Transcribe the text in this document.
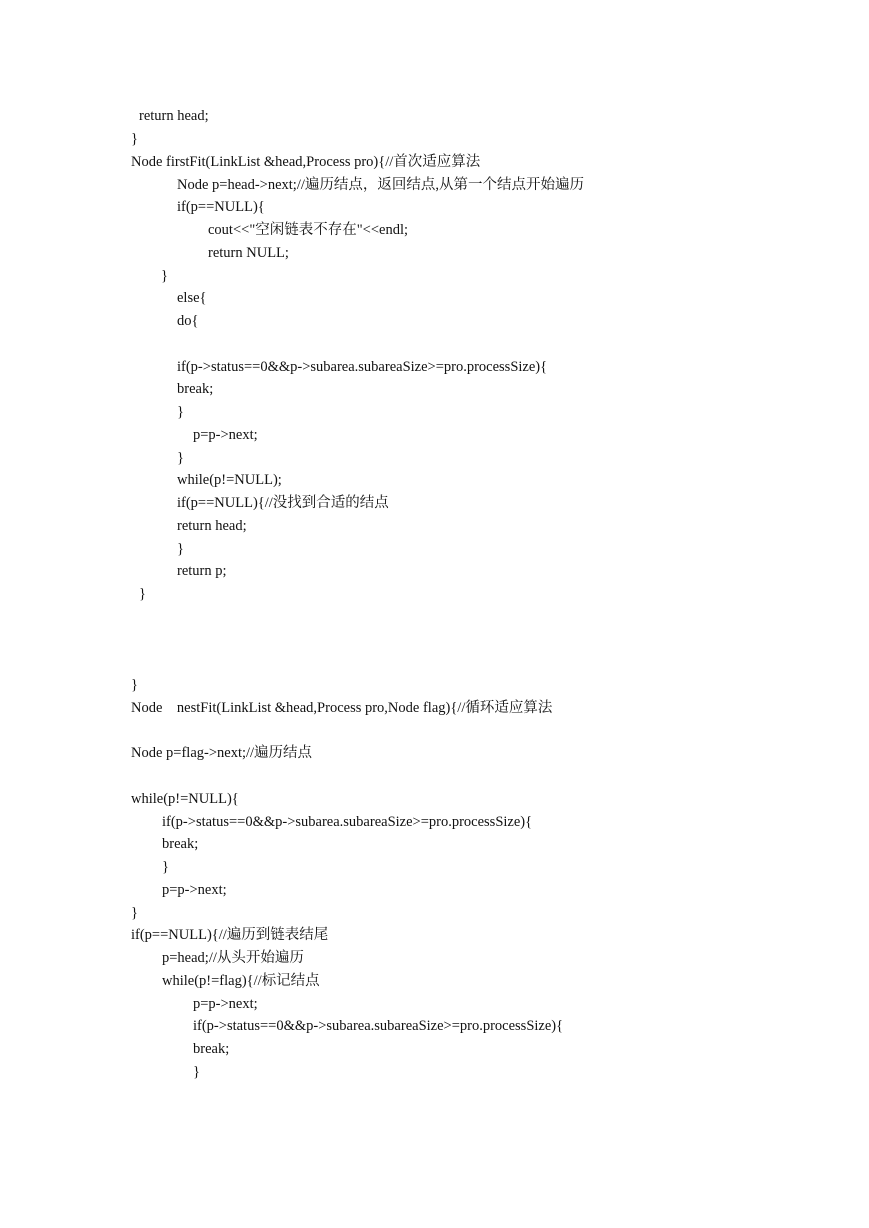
return head;
}
Node firstFit(LinkList &head,Process pro){//首次适应算法
Node p=head->next;//遍历结点，返回结点,从第一个结点开始遍历
if(p==NULL){
cout<<"空闲链表不存在"<<endl;
return NULL;
}
else{
do{
if(p->status==0&&p->subarea.subareaSize>=pro.processSize){
break;
}
p=p->next;
}
while(p!=NULL);
if(p==NULL){//没找到合适的结点
return head;
}
return p;
}
}
Node    nestFit(LinkList &head,Process pro,Node flag){//循环适应算法
Node p=flag->next;//遍历结点
while(p!=NULL){
if(p->status==0&&p->subarea.subareaSize>=pro.processSize){
break;
}
p=p->next;
}
if(p==NULL){//遍历到链表结尾
p=head;//从头开始遍历
while(p!=flag){//标记结点
p=p->next;
if(p->status==0&&p->subarea.subareaSize>=pro.processSize){
break;
}
